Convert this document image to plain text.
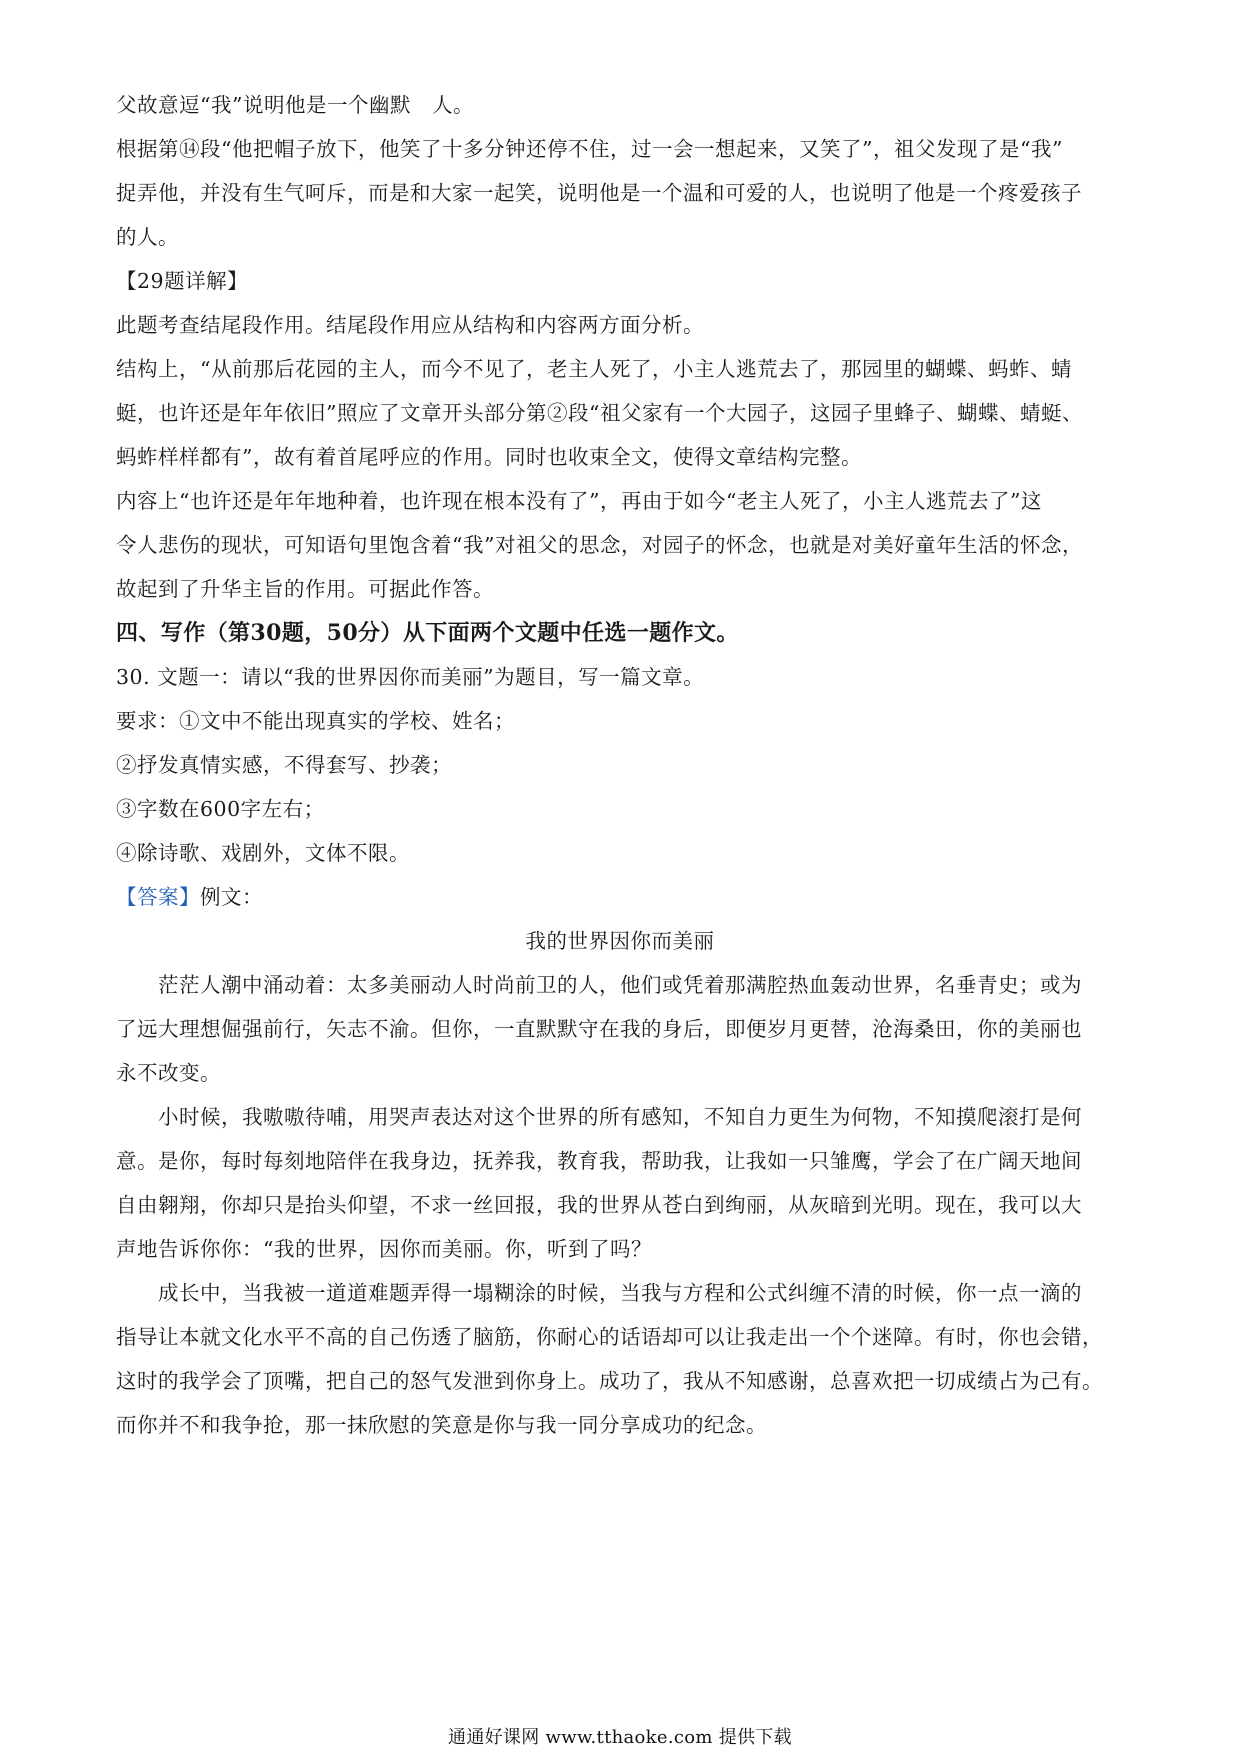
父故意逗“我”说明他是一个幽默　人。
根据第⑭段“他把帽子放下，他笑了十多分钟还停不住，过一会一想起来，又笑了”，祖父发现了是“我”
捉弄他，并没有生气呵斥，而是和大家一起笑，说明他是一个温和可爱的人，也说明了他是一个疼爱孩子
的人。
【29题详解】
此题考查结尾段作用。结尾段作用应从结构和内容两方面分析。
结构上，“从前那后花园的主人，而今不见了，老主人死了，小主人逃荒去了，那园里的蝴蝶、蚂蚱、蜻
蜓，也许还是年年依旧”照应了文章开头部分第②段“祖父家有一个大园子，这园子里蜂子、蝴蝶、蜻蜓、
蚂蚱样样都有”，故有着首尾呼应的作用。同时也收束全文，使得文章结构完整。
内容上“也许还是年年地种着，也许现在根本没有了”，再由于如今“老主人死了，小主人逃荒去了”这
令人悲伤的现状，可知语句里饱含着“我”对祖父的思念，对园子的怀念，也就是对美好童年生活的怀念，
故起到了升华主旨的作用。可据此作答。
四、写作（第30题，50分）从下面两个文题中任选一题作文。
30. 文题一：请以“我的世界因你而美丽”为题目，写一篇文章。
要求：①文中不能出现真实的学校、姓名；
②抒发真情实感，不得套写、抄袭；
③字数在600字左右；
④除诗歌、戏剧外，文体不限。
【答案】例文：
我的世界因你而美丽
　　茫茫人潮中涌动着：太多美丽动人时尚前卫的人，他们或凭着那满腔热血轰动世界，名垂青史；或为
了远大理想倔强前行，矢志不渝。但你，一直默默守在我的身后，即便岁月更替，沧海桑田，你的美丽也
永不改变。
　　小时候，我嗷嗷待哺，用哭声表达对这个世界的所有感知，不知自力更生为何物，不知摸爬滚打是何
意。是你，每时每刻地陪伴在我身边，抚养我，教育我，帮助我，让我如一只雏鹰，学会了在广阔天地间
自由翱翔，你却只是抬头仰望，不求一丝回报，我的世界从苍白到绚丽，从灰暗到光明。现在，我可以大
声地告诉你你：“我的世界，因你而美丽。你，听到了吗？
　　成长中，当我被一道道难题弄得一塌糊涂的时候，当我与方程和公式纠缠不清的时候，你一点一滴的
指导让本就文化水平不高的自己伤透了脑筋，你耐心的话语却可以让我走出一个个迷障。有时，你也会错，
这时的我学会了顶嘴，把自己的怒气发泄到你身上。成功了，我从不知感谢，总喜欢把一切成绩占为己有。
而你并不和我争抢，那一抹欣慰的笑意是你与我一同分享成功的纪念。
通通好课网 www.tthaoke.com 提供下载
